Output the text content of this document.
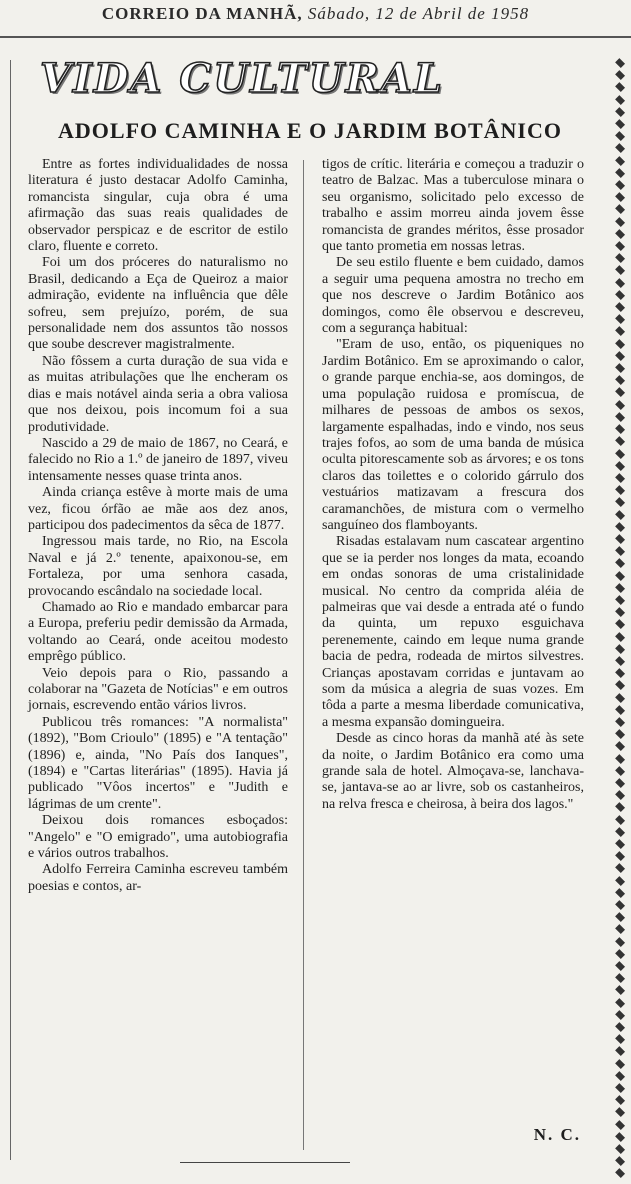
CORREIO DA MANHÃ, Sábado, 12 de Abril de 1958
VIDA CULTURAL
ADOLFO CAMINHA E O JARDIM BOTÂNICO

Entre as fortes individualidades de nossa literatura é justo destacar Adolfo Caminha, romancista singular, cuja obra é uma afirmação das suas reais qualidades de observador perspicaz e de escritor de estilo claro, fluente e correto.

Foi um dos próceres do naturalismo no Brasil, dedicando a Eça de Queiroz a maior admiração, evidente na influência que dêle sofreu, sem prejuízo, porém, de sua personalidade nem dos assuntos tão nossos que soube descrever magistralmente.

Não fôssem a curta duração de sua vida e as muitas atribulações que lhe encheram os dias e mais notável ainda seria a obra valiosa que nos deixou, pois incomum foi a sua produtividade.

Nascido a 29 de maio de 1867, no Ceará, e falecido no Rio a 1.º de janeiro de 1897, viveu intensamente nesses quase trinta anos.

Ainda criança estêve à morte mais de uma vez, ficou órfão ae mãe aos dez anos, participou dos padecimentos da sêca de 1877.

Ingressou mais tarde, no Rio, na Escola Naval e já 2.º tenente, apaixonou-se, em Fortaleza, por uma senhora casada, provocando escândalo na sociedade local.

Chamado ao Rio e mandado embarcar para a Europa, preferiu pedir demissão da Armada, voltando ao Ceará, onde aceitou modesto emprêgo público.

Veio depois para o Rio, passando a colaborar na "Gazeta de Notícias" e em outros jornais, escrevendo então vários livros.

Publicou três romances: "A normalista" (1892), "Bom Crioulo" (1895) e "A tentação" (1896) e, ainda, "No País dos Ianques", (1894) e "Cartas literárias" (1895). Havia já publicado "Vôos incertos" e "Judith e lágrimas de um crente".

Deixou dois romances esboçados: "Angelo" e "O emigrado", uma autobiografia e vários outros trabalhos.

Adolfo Ferreira Caminha escreveu também poesias e contos, ar-

tigos de crític​. literária e começou a traduzir o teatro de Balzac. Mas a tuberculose minara o seu organismo, solicitado pelo excesso de trabalho e assim morreu ainda jovem êsse romancista de grandes méritos, êsse prosador que tanto prometia em nossas letras.

De seu estilo fluente e bem cuidado, damos a seguir uma pequena amostra no trecho em que nos descreve o Jardim Botânico aos domingos, como êle observou e descreveu, com a segurança habitual:

"Eram de uso, então, os piqueniques no Jardim Botânico. Em se aproximando o calor, o grande parque enchia-se, aos domingos, de uma população ruidosa e promíscua, de milhares de pessoas de ambos os sexos, largamente espalhadas, indo e vindo, nos seus trajes fofos, ao som de uma banda de música oculta pitorescamente sob as árvores; e os tons claros das toilettes e o colorido gárrulo dos vestuários matizavam a frescura dos caramanchões, de mistura com o vermelho sanguíneo dos flamboyants.

Risadas estalavam num cascatear argentino que se ia perder nos longes da mata, ecoando em ondas sonoras de uma cristalinidade musical. No centro da comprida aléia de palmeiras que vai desde a entrada até o fundo da quinta, um repuxo esguichava perenemente, caindo em leque numa grande bacia de pedra, rodeada de mirtos silvestres. Crianças apostavam corridas e juntavam ao som da música a alegria de suas vozes. Em tôda a parte a mesma liberdade comunicativa, a mesma expansão domingueira.

Desde as cinco horas da manhã até às sete da noite, o Jardim Botânico era como uma grande sala de hotel. Almoçava-se, lanchava-se, jantava-se ao ar livre, sob os castanheiros, na relva fresca e cheirosa, à beira dos lagos."

N. C.
